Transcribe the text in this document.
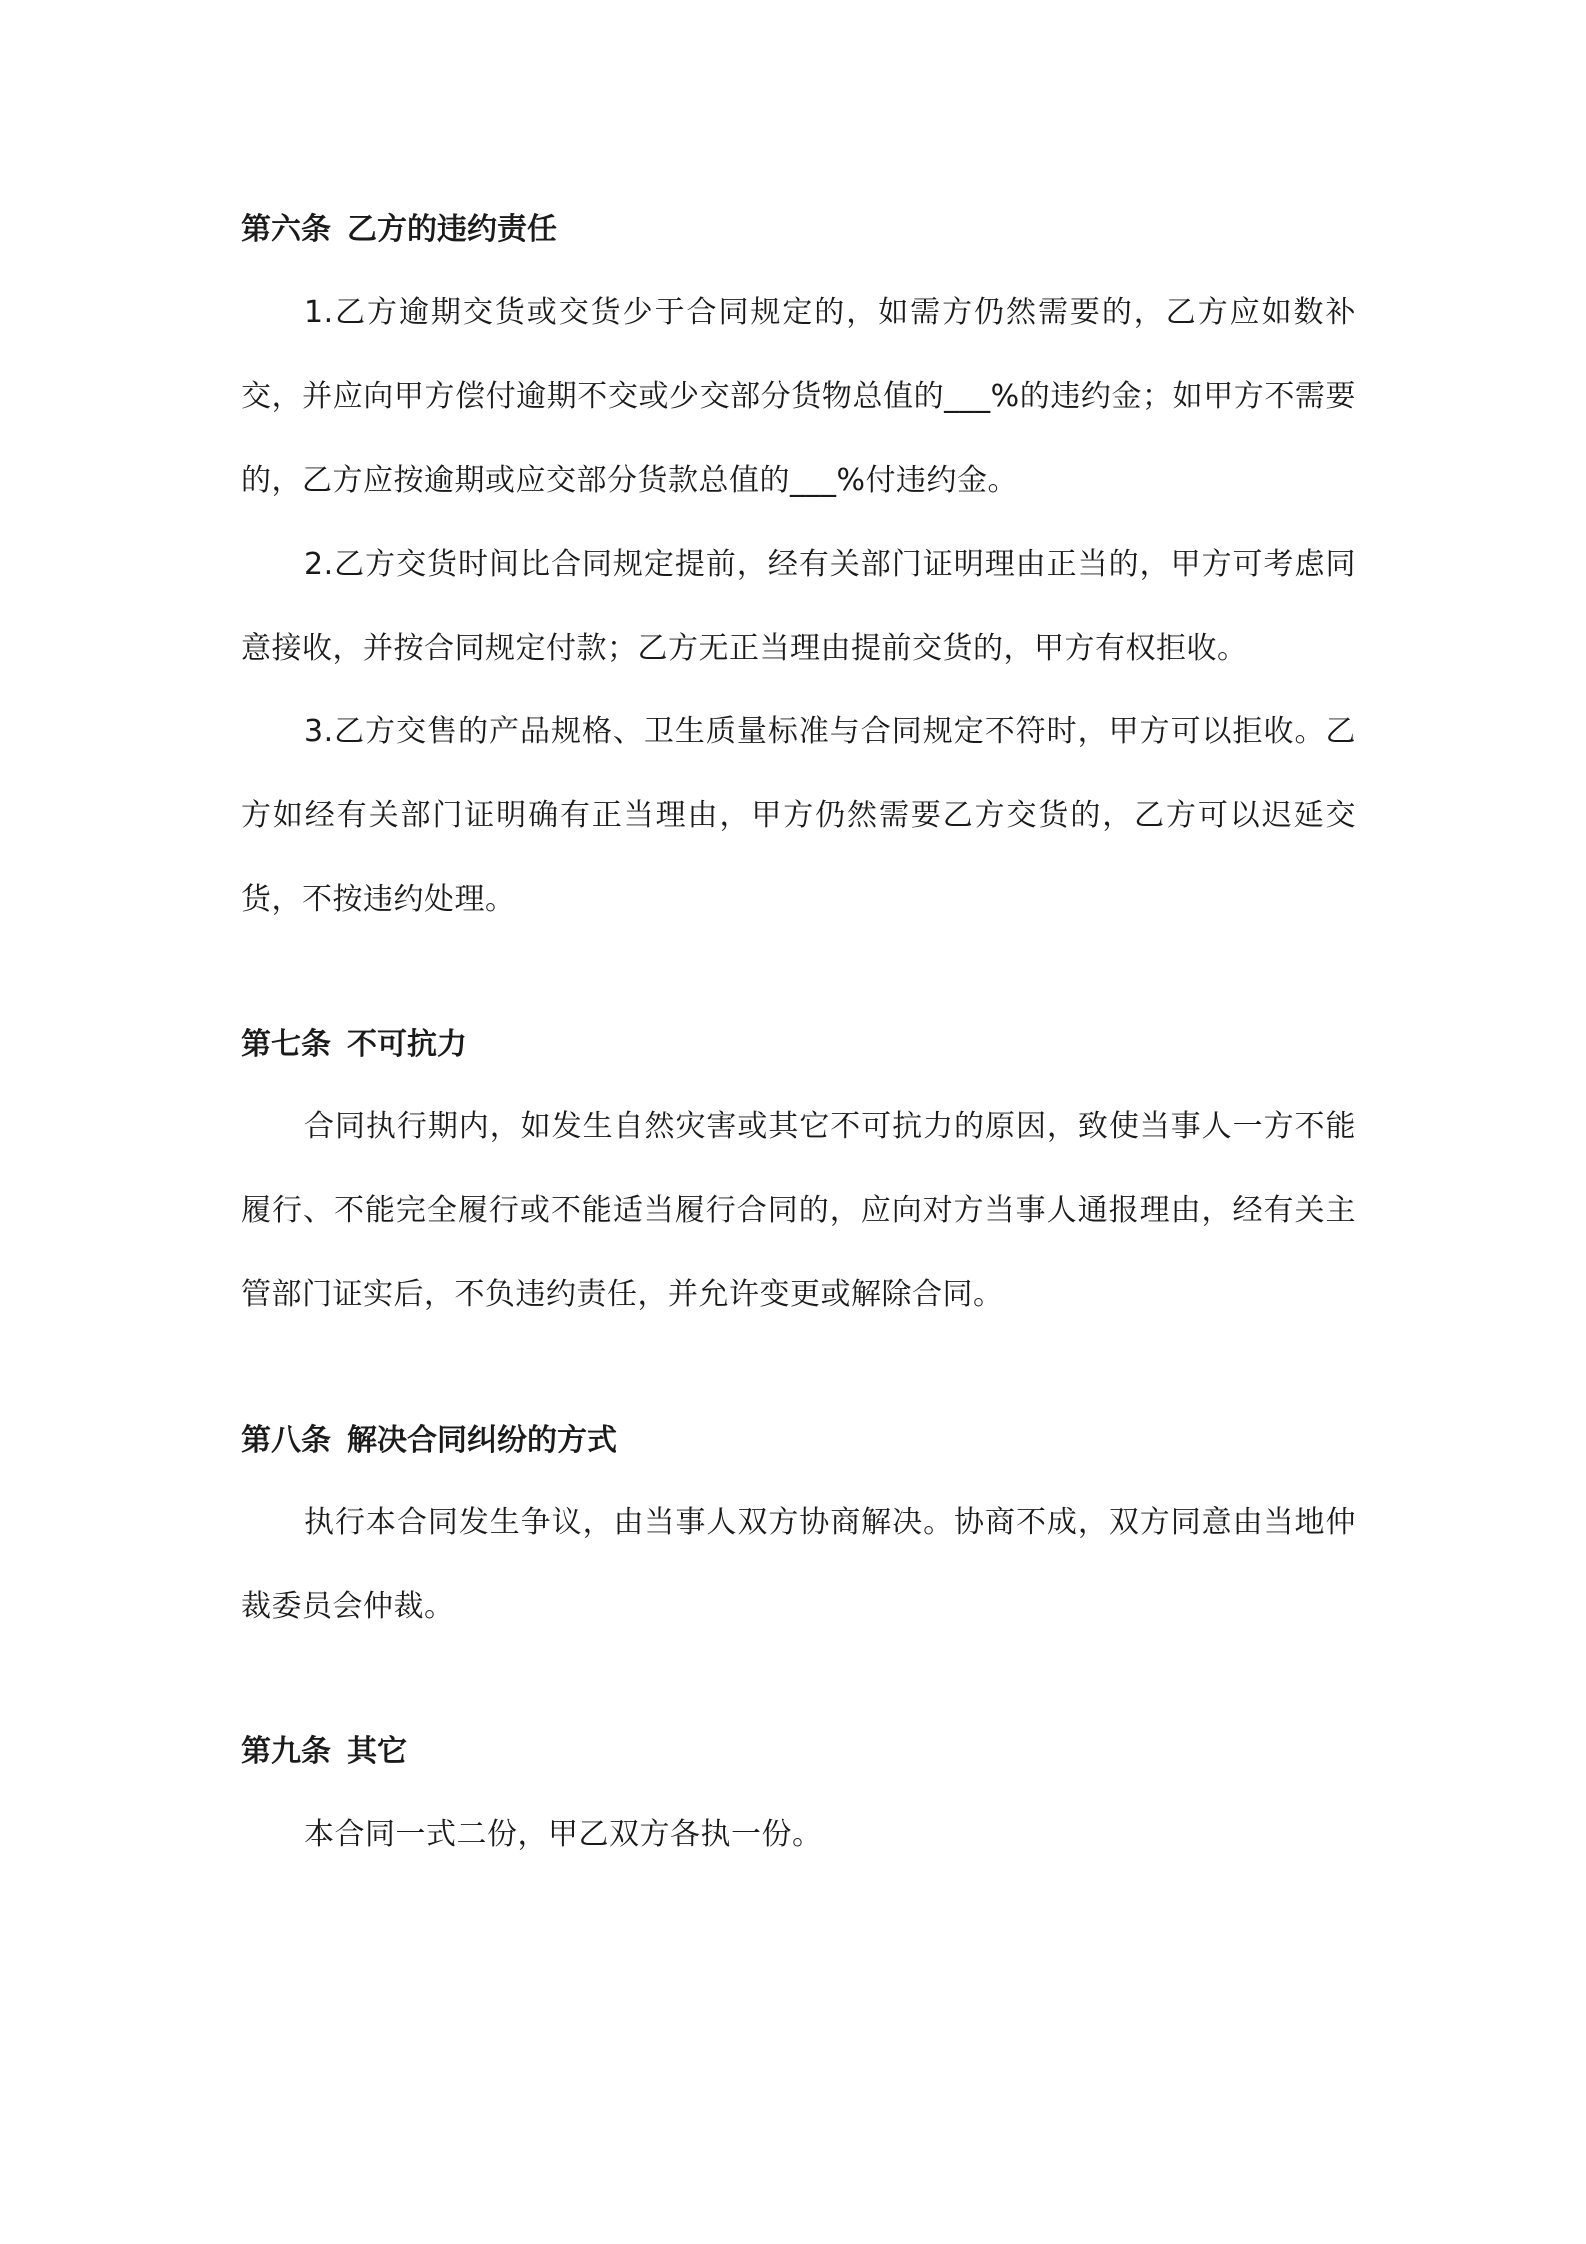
第六条 乙方的违约责任
1.乙方逾期交货或交货少于合同规定的，如需方仍然需要的，乙方应如数补交，并应向甲方偿付逾期不交或少交部分货物总值的___%的违约金；如甲方不需要的，乙方应按逾期或应交部分货款总值的___%付违约金。
2.乙方交货时间比合同规定提前，经有关部门证明理由正当的，甲方可考虑同意接收，并按合同规定付款；乙方无正当理由提前交货的，甲方有权拒收。
3.乙方交售的产品规格、卫生质量标准与合同规定不符时，甲方可以拒收。乙方如经有关部门证明确有正当理由，甲方仍然需要乙方交货的，乙方可以迟延交货，不按违约处理。
第七条 不可抗力
合同执行期内，如发生自然灾害或其它不可抗力的原因，致使当事人一方不能履行、不能完全履行或不能适当履行合同的，应向对方当事人通报理由，经有关主管部门证实后，不负违约责任，并允许变更或解除合同。
第八条 解决合同纠纷的方式
执行本合同发生争议，由当事人双方协商解决。协商不成，双方同意由当地仲裁委员会仲裁。
第九条 其它
本合同一式二份，甲乙双方各执一份。
